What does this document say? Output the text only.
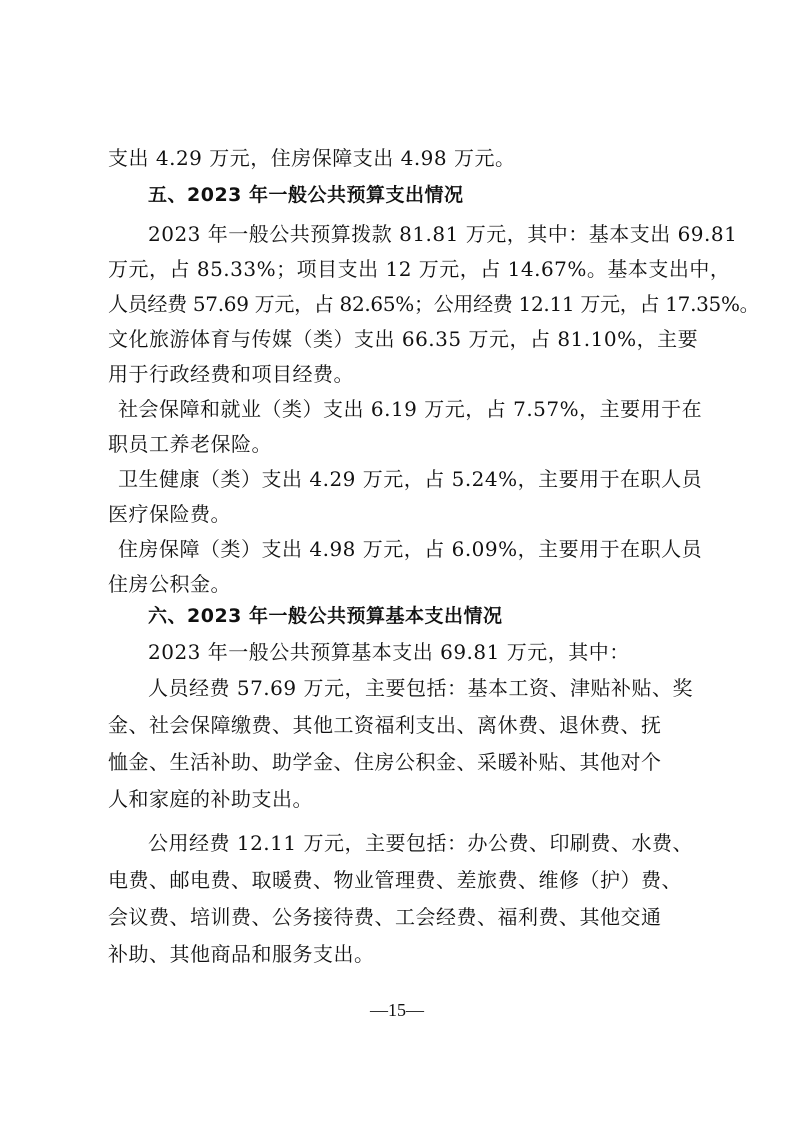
支出 4.29 万元，住房保障支出 4.98 万元。
五、2023 年一般公共预算支出情况
2023 年一般公共预算拨款 81.81 万元，其中：基本支出 69.81
万元，占 85.33%；项目支出 12 万元，占 14.67%。基本支出中，
人员经费 57.69 万元，占 82.65%；公用经费 12.11 万元，占 17.35%。
文化旅游体育与传媒（类）支出 66.35 万元，占 81.10%，主要
用于行政经费和项目经费。
社会保障和就业（类）支出 6.19 万元，占 7.57%，主要用于在
职员工养老保险。
卫生健康（类）支出 4.29 万元，占 5.24%，主要用于在职人员
医疗保险费。
住房保障（类）支出 4.98 万元，占 6.09%，主要用于在职人员
住房公积金。
六、2023 年一般公共预算基本支出情况
2023 年一般公共预算基本支出 69.81 万元，其中：
人员经费 57.69 万元，主要包括：基本工资、津贴补贴、奖
金、社会保障缴费、其他工资福利支出、离休费、退休费、抚
恤金、生活补助、助学金、住房公积金、采暖补贴、其他对个
人和家庭的补助支出。
公用经费 12.11 万元，主要包括：办公费、印刷费、水费、
电费、邮电费、取暖费、物业管理费、差旅费、维修（护）费、
会议费、培训费、公务接待费、工会经费、福利费、其他交通
补助、其他商品和服务支出。
—15—
